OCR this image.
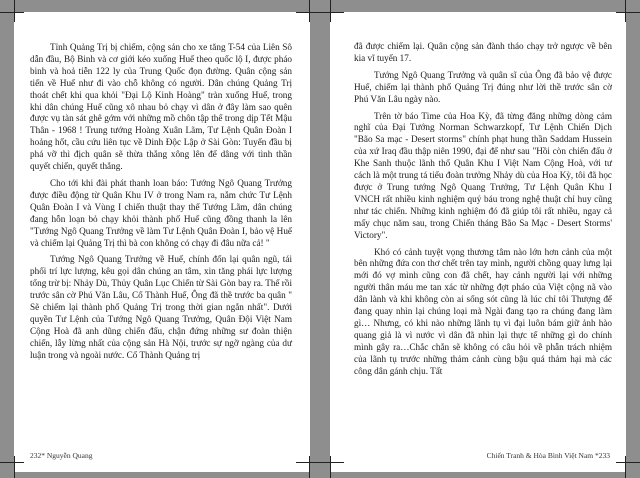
Tỉnh Quảng Trị bị chiếm, cộng sản cho xe tăng T-54 của Liên Sô dẫn đầu, Bộ Binh và cơ giới kéo xuống Huế theo quốc lộ I, được pháo binh và hoả tiễn 122 ly của Trung Quốc đọn đường. Quân cộng sản tiến về Huế như đi vào chỗ không có người. Dân chúng Quảng Trị thoát chết khi qua khỏi "Đại Lộ Kinh Hoàng" tràn xuống Huế, trong khi dân chúng Huế cũng xô nhau bỏ chạy vì dân ở đây làm sao quên được vụ tàn sát ghê gớm với những mồ chôn tập thể trong dịp Tết Mậu Thân - 1968 ! Trung tướng Hoàng Xuân Lãm, Tư Lệnh Quân Đoàn I hoảng hốt, cầu cứu liên tục về Dinh Độc Lập ở Sài Gòn: Tuyến đầu bị phá vỡ thì địch quân sẽ thừa thắng xông lên để dâng với tình thần quyết chiến, quyết thắng.

Cho tới khi đài phát thanh loan báo: Tướng Ngô Quang Trưởng được điều động từ Quân Khu IV ở trong Nam ra, nắm chức Tư Lệnh Quân Đoàn I và Vùng I chiến thuật thay thế Tướng Lãm, dân chúng đang hỗn loạn bỏ chạy khỏi thành phố Huế cũng đồng thanh la lên "Tướng Ngô Quang Trưởng về làm Tư Lệnh Quân Đoàn I, bảo vệ Huế và chiếm lại Quảng Trị thì bà con không có chạy đi đâu nữa cả! "

Tướng Ngô Quang Trưởng về Huế, chính đốn lại quân ngũ, tái phối trí lực lượng, kêu gọi dân chúng an tâm, xin tăng phái lực lượng tổng trừ bị: Nhảy Dù, Thủy Quân Lục Chiến từ Sài Gòn bay ra. Thế rồi trước sân cờ Phú Văn Lâu, Cố Thành Huế, Ông đã thề trước ba quân " Sẽ chiếm lại thành phố Quảng Trị trong thời gian ngắn nhất". Dưới quyền Tư Lệnh của Tướng Ngô Quang Trưởng, Quân Đội Việt Nam Cộng Hoà đã anh dũng chiến đấu, chận đứng những sư đoàn thiện chiến, lẫy lừng nhất của cộng sản Hà Nội, trước sự ngỡ ngàng của dư luận trong và ngoài nước. Cổ Thành Quảng trị

232* Nguyễn Quang

đã được chiếm lại. Quân cộng sản đành tháo chạy trở ngược về bên kia vĩ tuyến 17.

Tướng Ngô Quang Trưởng và quân sĩ của Ông đã bảo vệ được Huế, chiếm lại thành phố Quảng Trị đúng như lời thề trước sân cờ Phú Văn Lâu ngày nào.

Trên tờ báo Time của Hoa Kỳ, đã từng đăng những dòng cảm nghĩ của Đại Tướng Norman Schwarzkopf, Tư Lệnh Chiến Dịch "Bão Sa mạc - Desert storms" chính phạt hung thần Saddam Hussein của xứ Iraq đầu thập niên 1990, đại để như sau "Hồi còn chiến đấu ở Khe Sanh thuộc lãnh thổ Quân Khu I Việt Nam Cộng Hoà, với tư cách là một trung tá tiểu đoàn trưởng Nhảy dù của Hoa Kỳ, tôi đã học được ở Trung tướng Ngô Quang Trưởng, Tư Lệnh Quân Khu I VNCH rất nhiều kinh nghiệm quý báu trong nghệ thuật chỉ huy cũng như tác chiến. Những kinh nghiệm đó đã giúp tôi rất nhiều, ngay cả mấy chục năm sau, trong Chiến tháng Bão Sa Mạc - Desert Storms' Victory".

Khó có cảnh tuyệt vọng thương tâm nào lớn hơn cảnh của một bên những đứa con thơ chết trên tay mình, người chồng quay lưng lại mới đó vợ mình cũng con đã chết, hay cảnh người lại với những người thân máu me tan xác từ những đợt pháo của Việt cộng nã vào dân lành và khi không còn ai sống sót cũng là lúc chỉ tôi Thượng đế đang quay nhìn lại chúng loại mà Ngài đang tạo ra chúng đang làm gì… Nhưng, có khi nào những lãnh tụ vì đại luôn bám giữ ảnh hào quang giả là vì nước vì dân đã nhìn lại thực tế những gì do chính mình gây ra…Chắc chắn sẽ không có câu hỏi về phẫn trách nhiệm của lãnh tụ trước những thảm cảnh cùng bậu quá thảm hại mà các công dân gánh chịu. Tất

Chiến Tranh & Hòa Bình Việt Nam *233
